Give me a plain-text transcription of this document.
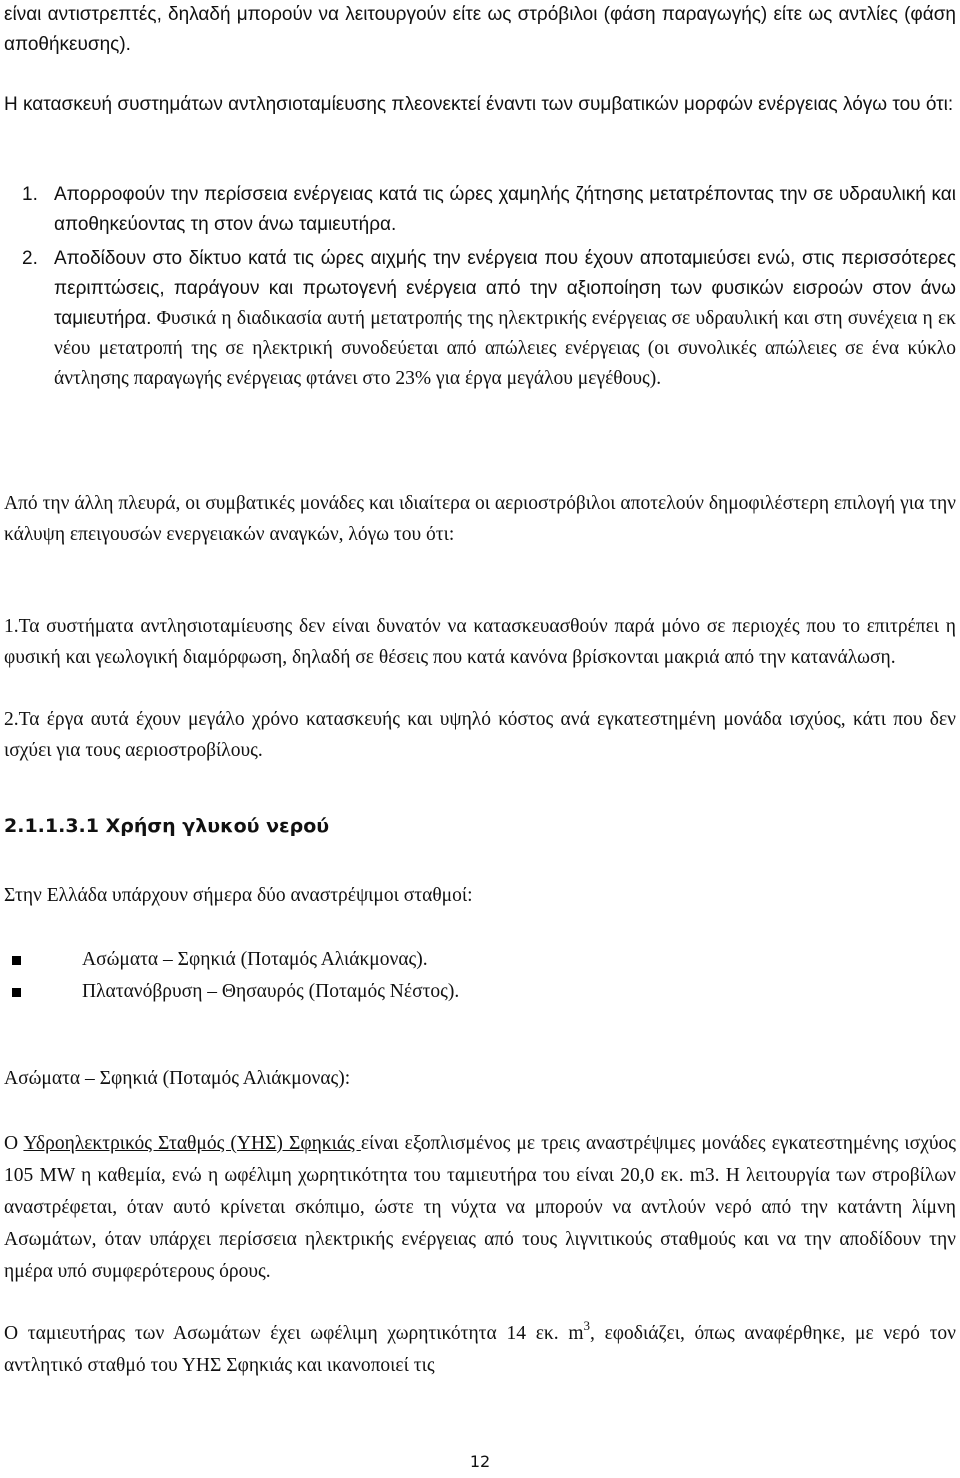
είναι αντιστρεπτές, δηλαδή μπορούν να λειτουργούν είτε ως στρόβιλοι (φάση παραγωγής) είτε ως αντλίες (φάση αποθήκευσης).

Η κατασκευή συστημάτων αντλησιοταμίευσης πλεονεκτεί έναντι των συμβατικών μορφών ενέργειας λόγω του ότι:

1. Απορροφούν την περίσσεια ενέργειας κατά τις ώρες χαμηλής ζήτησης μετατρέποντας την σε υδραυλική και αποθηκεύοντας τη στον άνω ταμιευτήρα.

2. Αποδίδουν στο δίκτυο κατά τις ώρες αιχμής την ενέργεια που έχουν αποταμιεύσει ενώ, στις περισσότερες περιπτώσεις, παράγουν και πρωτογενή ενέργεια από την αξιοποίηση των φυσικών εισροών στον άνω ταμιευτήρα. Φυσικά η διαδικασία αυτή μετατροπής της ηλεκτρικής ενέργειας σε υδραυλική και στη συνέχεια η εκ νέου μετατροπή της σε ηλεκτρική συνοδεύεται από απώλειες ενέργειας (οι συνολικές απώλειες σε ένα κύκλο άντλησης παραγωγής ενέργειας φτάνει στο 23% για έργα μεγάλου μεγέθους).

Από την άλλη πλευρά, οι συμβατικές μονάδες και ιδιαίτερα οι αεριοστρόβιλοι αποτελούν δημοφιλέστερη επιλογή για την κάλυψη επειγουσών ενεργειακών αναγκών, λόγω του ότι:

1.Τα συστήματα αντλησιοταμίευσης δεν είναι δυνατόν να κατασκευασθούν παρά μόνο σε περιοχές που το επιτρέπει η φυσική και γεωλογική διαμόρφωση, δηλαδή σε θέσεις που κατά κανόνα βρίσκονται μακριά από την κατανάλωση.

2.Τα έργα αυτά έχουν μεγάλο χρόνο κατασκευής και υψηλό κόστος ανά εγκατεστημένη μονάδα ισχύος, κάτι που δεν ισχύει για τους αεριοστροβίλους.

2.1.1.3.1 Χρήση γλυκού νερού

Στην Ελλάδα υπάρχουν σήμερα δύο αναστρέψιμοι σταθμοί:

Ασώματα – Σφηκιά (Ποταμός Αλιάκμονας).
Πλατανόβρυση – Θησαυρός (Ποταμός Νέστος).

Ασώματα – Σφηκιά (Ποταμός Αλιάκμονας):

Ο Υδροηλεκτρικός Σταθμός (ΥΗΣ) Σφηκιάς είναι εξοπλισμένος με τρεις αναστρέψιμες μονάδες εγκατεστημένης ισχύος 105 MW η καθεμία, ενώ η ωφέλιμη χωρητικότητα του ταμιευτήρα του είναι 20,0 εκ. m3. Η λειτουργία των στροβίλων αναστρέφεται, όταν αυτό κρίνεται σκόπιμο, ώστε τη νύχτα να μπορούν να αντλούν νερό από την κατάντη λίμνη Ασωμάτων, όταν υπάρχει περίσσεια ηλεκτρικής ενέργειας από τους λιγνιτικούς σταθμούς και να την αποδίδουν την ημέρα υπό συμφερότερους όρους.

Ο ταμιευτήρας των Ασωμάτων έχει ωφέλιμη χωρητικότητα 14 εκ. $m^3$, εφοδιάζει, όπως αναφέρθηκε, με νερό τον αντλητικό σταθμό του ΥΗΣ Σφηκιάς και ικανοποιεί τις

12
